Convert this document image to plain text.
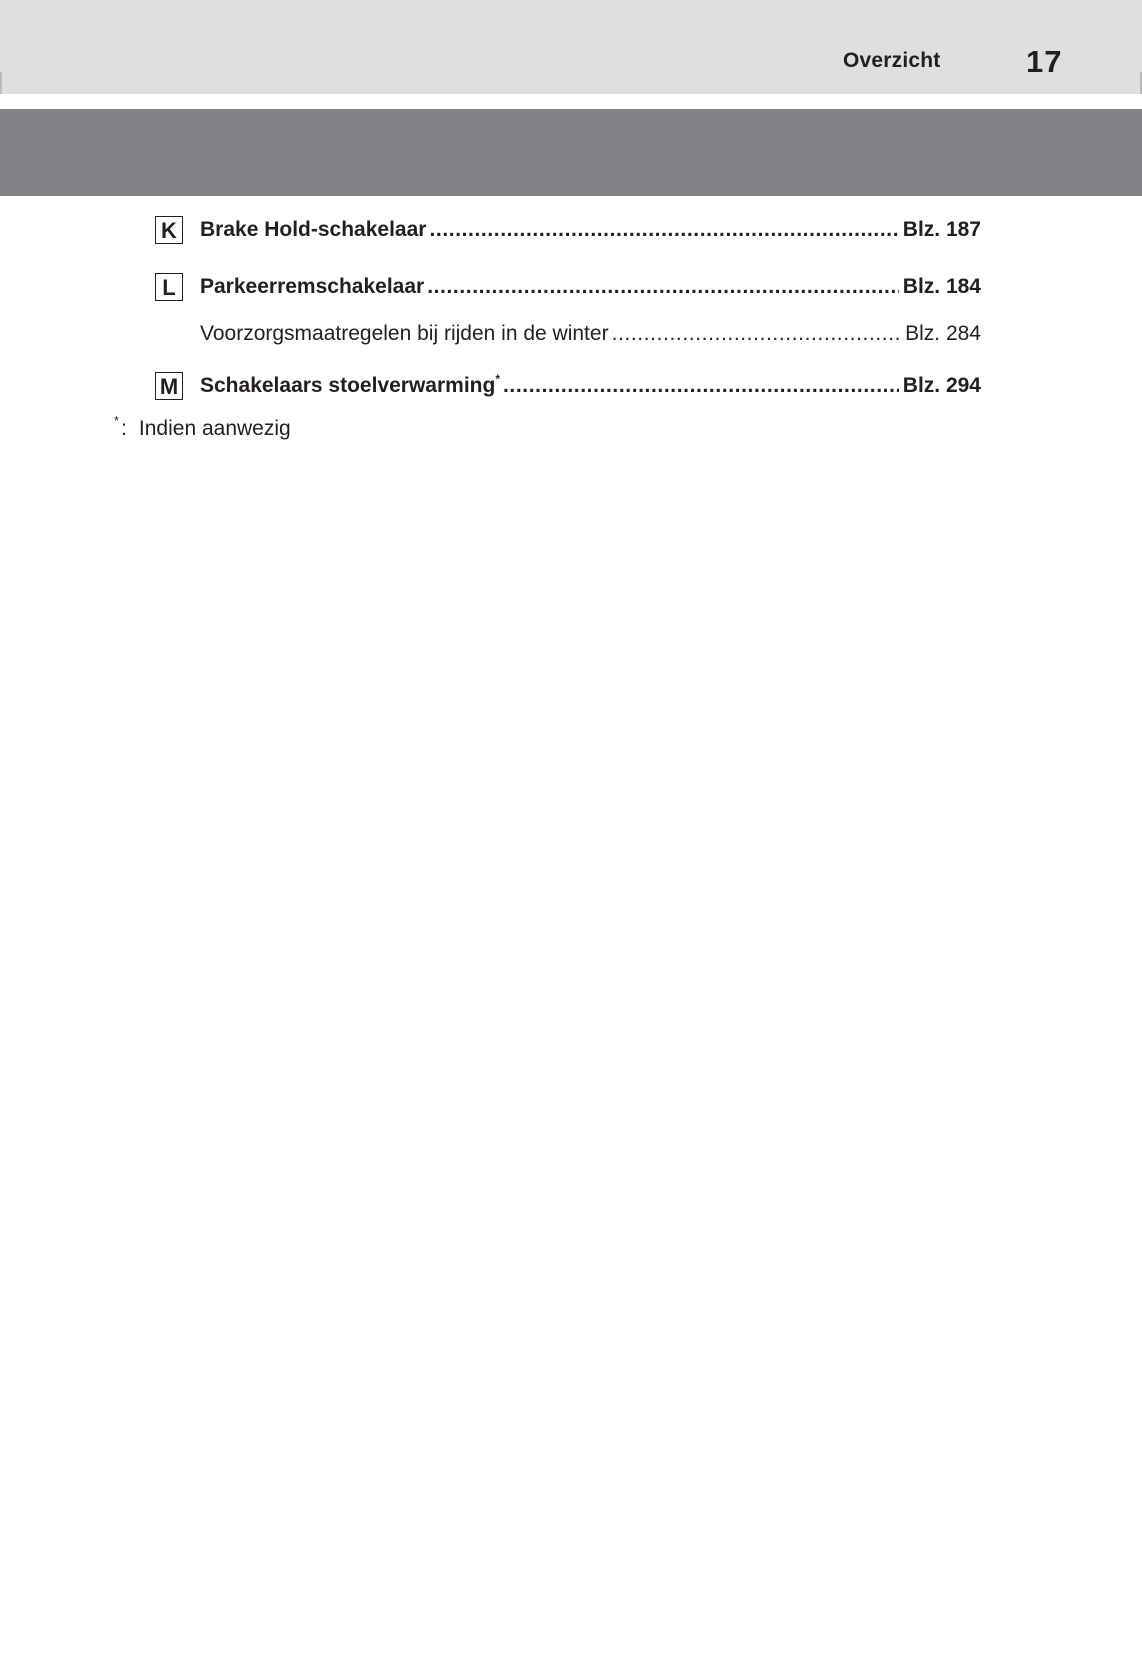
Overzicht	17
K Brake Hold-schakelaar .....	Blz. 187
L	Parkeerremschakelaar .....	Blz. 184
Voorzorgsmaatregelen bij rijden in de winter .....	Blz. 284
M Schakelaars stoelverwarming* .....	Blz. 294
*: Indien aanwezig
